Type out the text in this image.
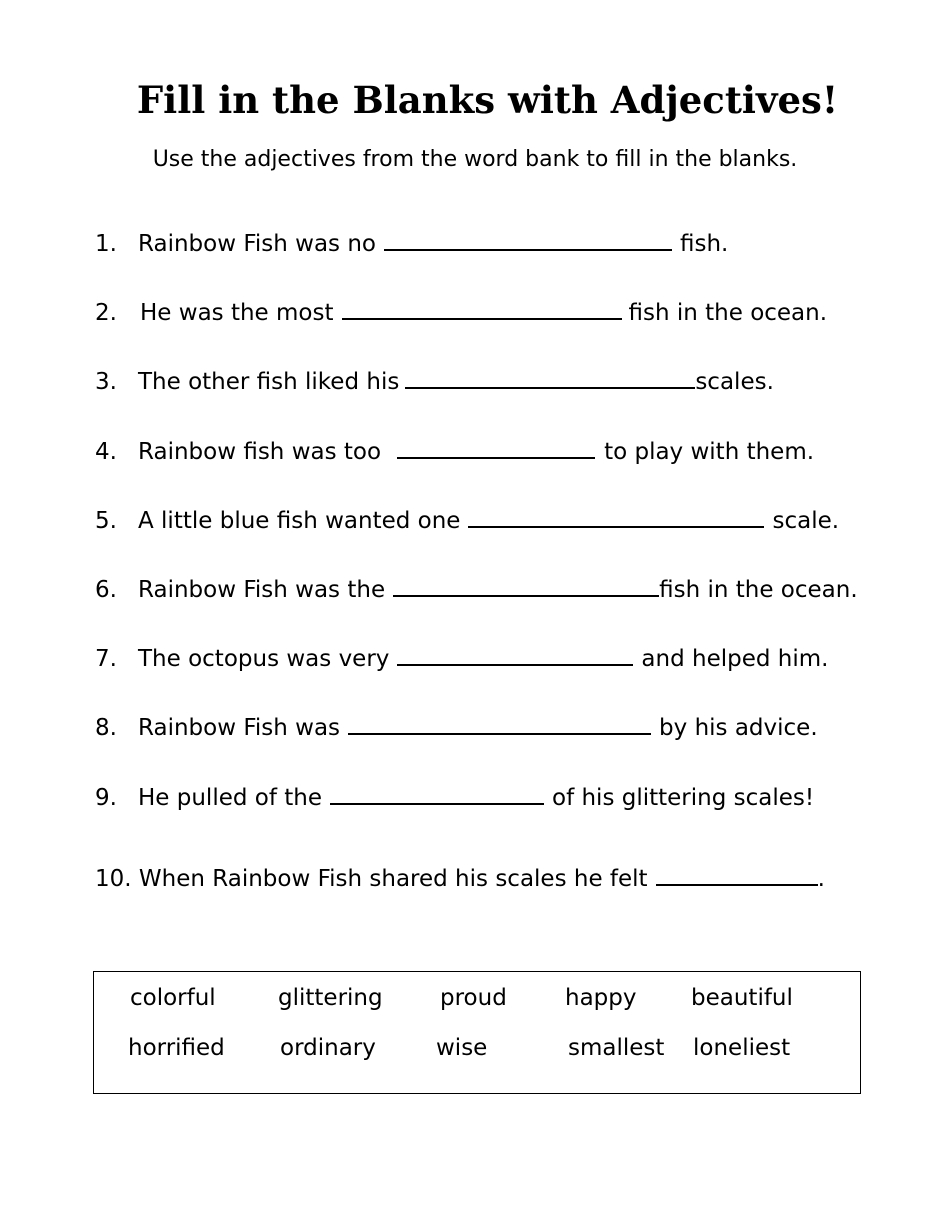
Fill in the Blanks with Adjectives!
Use the adjectives from the word bank to fill in the blanks.
1. Rainbow Fish was no	fish.
2. He was the most	fish in the ocean.
3. The other fish liked his	scales.
4. Rainbow fish was too	to play with them.
5. A little blue fish wanted one	scale.
6. Rainbow Fish was the	fish in the ocean.
7. The octopus was very	and helped him.
8. Rainbow Fish was	by his advice.
9. He pulled of the	of his glittering scales!
10. When Rainbow Fish shared his scales he felt	.
colorful	glittering proud	happy beautiful
horrified ordinary	wise	smallest loneliest
